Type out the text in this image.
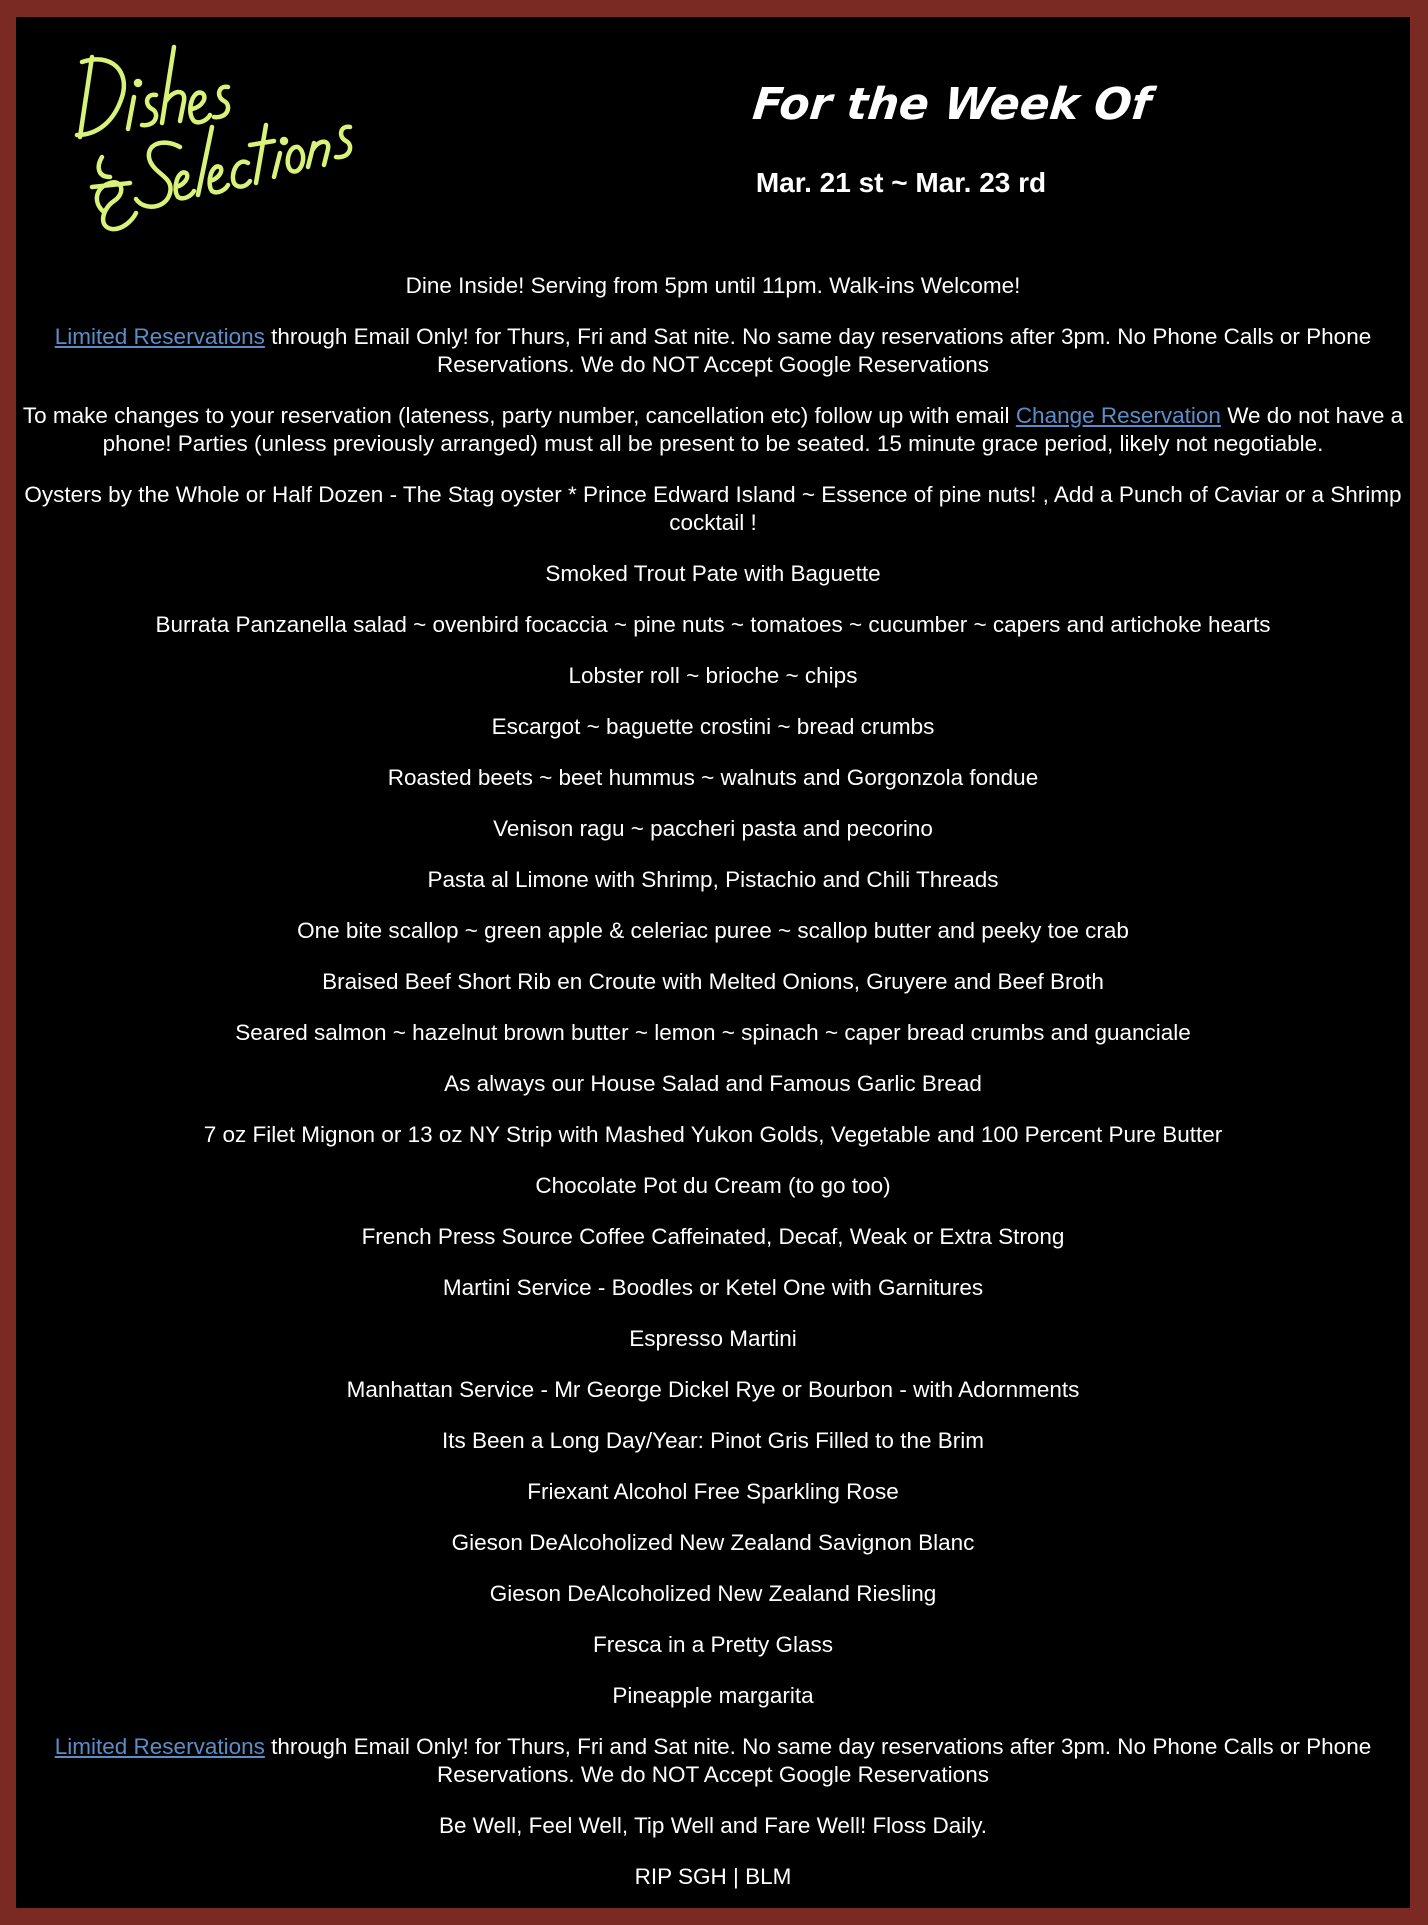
For the Week Of
Mar. 21 st ~ Mar. 23 rd

Dine Inside! Serving from 5pm until 11pm. Walk-ins Welcome!

Limited Reservations through Email Only! for Thurs, Fri and Sat nite. No same day reservations after 3pm. No Phone Calls or Phone Reservations. We do NOT Accept Google Reservations

To make changes to your reservation (lateness, party number, cancellation etc) follow up with email Change Reservation We do not have a phone! Parties (unless previously arranged) must all be present to be seated. 15 minute grace period, likely not negotiable.

Oysters by the Whole or Half Dozen - The Stag oyster * Prince Edward Island ~ Essence of pine nuts! , Add a Punch of Caviar or a Shrimp cocktail !

Smoked Trout Pate with Baguette

Burrata Panzanella salad ~ ovenbird focaccia ~ pine nuts ~ tomatoes ~ cucumber ~ capers and artichoke hearts

Lobster roll ~ brioche ~ chips

Escargot ~ baguette crostini ~ bread crumbs

Roasted beets ~ beet hummus ~ walnuts and Gorgonzola fondue

Venison ragu ~ paccheri pasta and pecorino

Pasta al Limone with Shrimp, Pistachio and Chili Threads

One bite scallop ~ green apple & celeriac puree ~ scallop butter and peeky toe crab

Braised Beef Short Rib en Croute with Melted Onions, Gruyere and Beef Broth

Seared salmon ~ hazelnut brown butter ~ lemon ~ spinach ~ caper bread crumbs and guanciale

As always our House Salad and Famous Garlic Bread

7 oz Filet Mignon or 13 oz NY Strip with Mashed Yukon Golds, Vegetable and 100 Percent Pure Butter

Chocolate Pot du Cream (to go too)

French Press Source Coffee Caffeinated, Decaf, Weak or Extra Strong

Martini Service - Boodles or Ketel One with Garnitures

Espresso Martini

Manhattan Service - Mr George Dickel Rye or Bourbon - with Adornments

Its Been a Long Day/Year: Pinot Gris Filled to the Brim

Friexant Alcohol Free Sparkling Rose

Gieson DeAlcoholized New Zealand Savignon Blanc

Gieson DeAlcoholized New Zealand Riesling

Fresca in a Pretty Glass

Pineapple margarita

Limited Reservations through Email Only! for Thurs, Fri and Sat nite. No same day reservations after 3pm. No Phone Calls or Phone Reservations. We do NOT Accept Google Reservations

Be Well, Feel Well, Tip Well and Fare Well! Floss Daily.

RIP SGH | BLM
